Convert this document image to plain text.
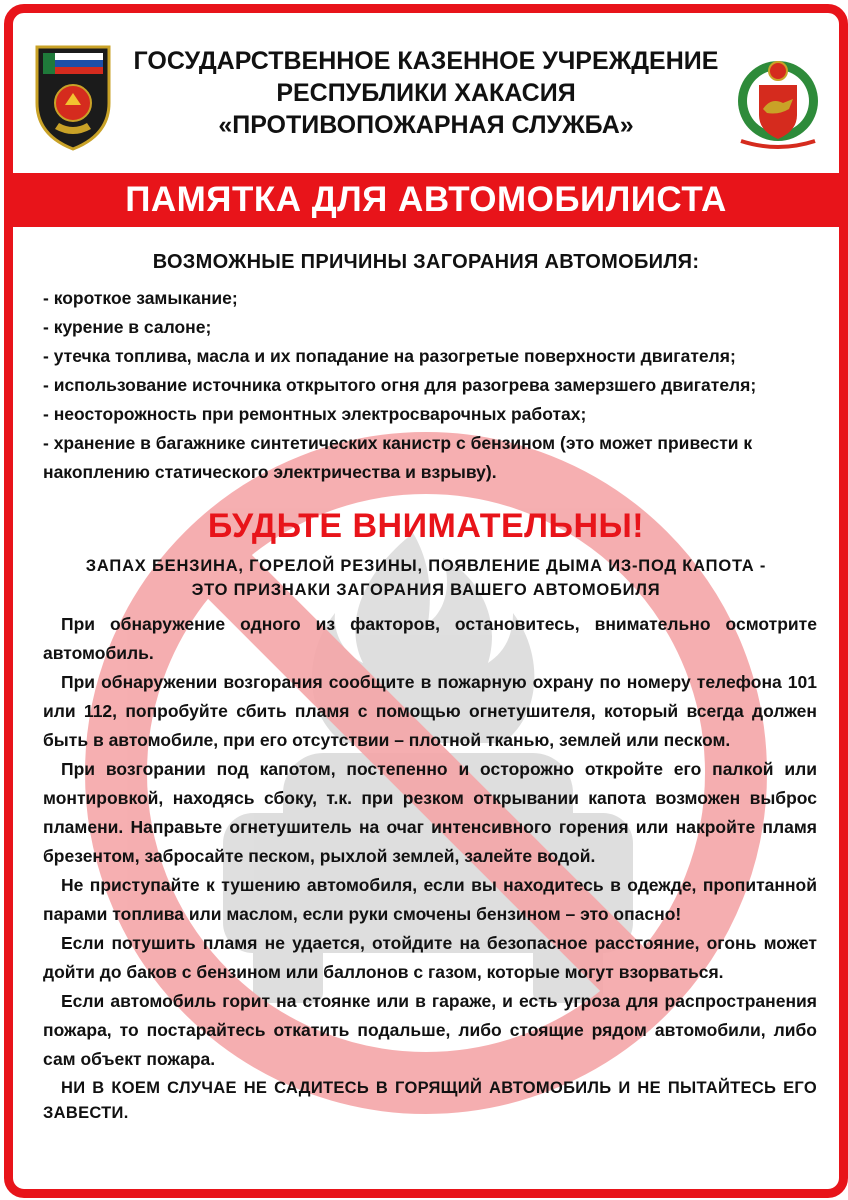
ГОСУДАРСТВЕННОЕ КАЗЕННОЕ УЧРЕЖДЕНИЕ
РЕСПУБЛИКИ ХАКАСИЯ
«ПРОТИВОПОЖАРНАЯ СЛУЖБА»
ПАМЯТКА ДЛЯ АВТОМОБИЛИСТА
ВОЗМОЖНЫЕ ПРИЧИНЫ ЗАГОРАНИЯ АВТОМОБИЛЯ:
- короткое замыкание;
- курение в салоне;
- утечка топлива, масла и их попадание на разогретые поверхности двигателя;
- использование источника открытого огня для разогрева замерзшего двигателя;
- неосторожность при ремонтных электросварочных работах;
- хранение в багажнике синтетических канистр с бензином (это может привести к накоплению статического электричества и взрыву).
БУДЬТЕ ВНИМАТЕЛЬНЫ!
ЗАПАХ БЕНЗИНА, ГОРЕЛОЙ РЕЗИНЫ, ПОЯВЛЕНИЕ ДЫМА ИЗ-ПОД КАПОТА -
ЭТО ПРИЗНАКИ ЗАГОРАНИЯ ВАШЕГО АВТОМОБИЛЯ

При обнаружение одного из факторов, остановитесь, внимательно осмотрите автомобиль.

При обнаружении возгорания сообщите в пожарную охрану по номеру телефона 101 или 112, попробуйте сбить пламя с помощью огнетушителя, который всегда должен быть в автомобиле, при его отсутствии – плотной тканью, землей или песком.

При возгорании под капотом, постепенно и осторожно откройте его палкой или монтировкой, находясь сбоку, т.к. при резком открывании капота возможен выброс пламени. Направьте огнетушитель на очаг интенсивного горения или накройте пламя брезентом, забросайте песком, рыхлой землей, залейте водой.

Не приступайте к тушению автомобиля, если вы находитесь в одежде, пропитанной парами топлива или маслом, если руки смочены бензином – это опасно!

Если потушить пламя не удается, отойдите на безопасное расстояние, огонь может дойти до баков с бензином или баллонов с газом, которые могут взорваться.

Если автомобиль горит на стоянке или в гараже, и есть угроза для распространения пожара, то постарайтесь откатить подальше, либо стоящие рядом автомобили, либо сам объект пожара.

НИ В КОЕМ СЛУЧАЕ НЕ САДИТЕСЬ В ГОРЯЩИЙ АВТОМОБИЛЬ И НЕ ПЫТАЙТЕСЬ ЕГО ЗАВЕСТИ.
